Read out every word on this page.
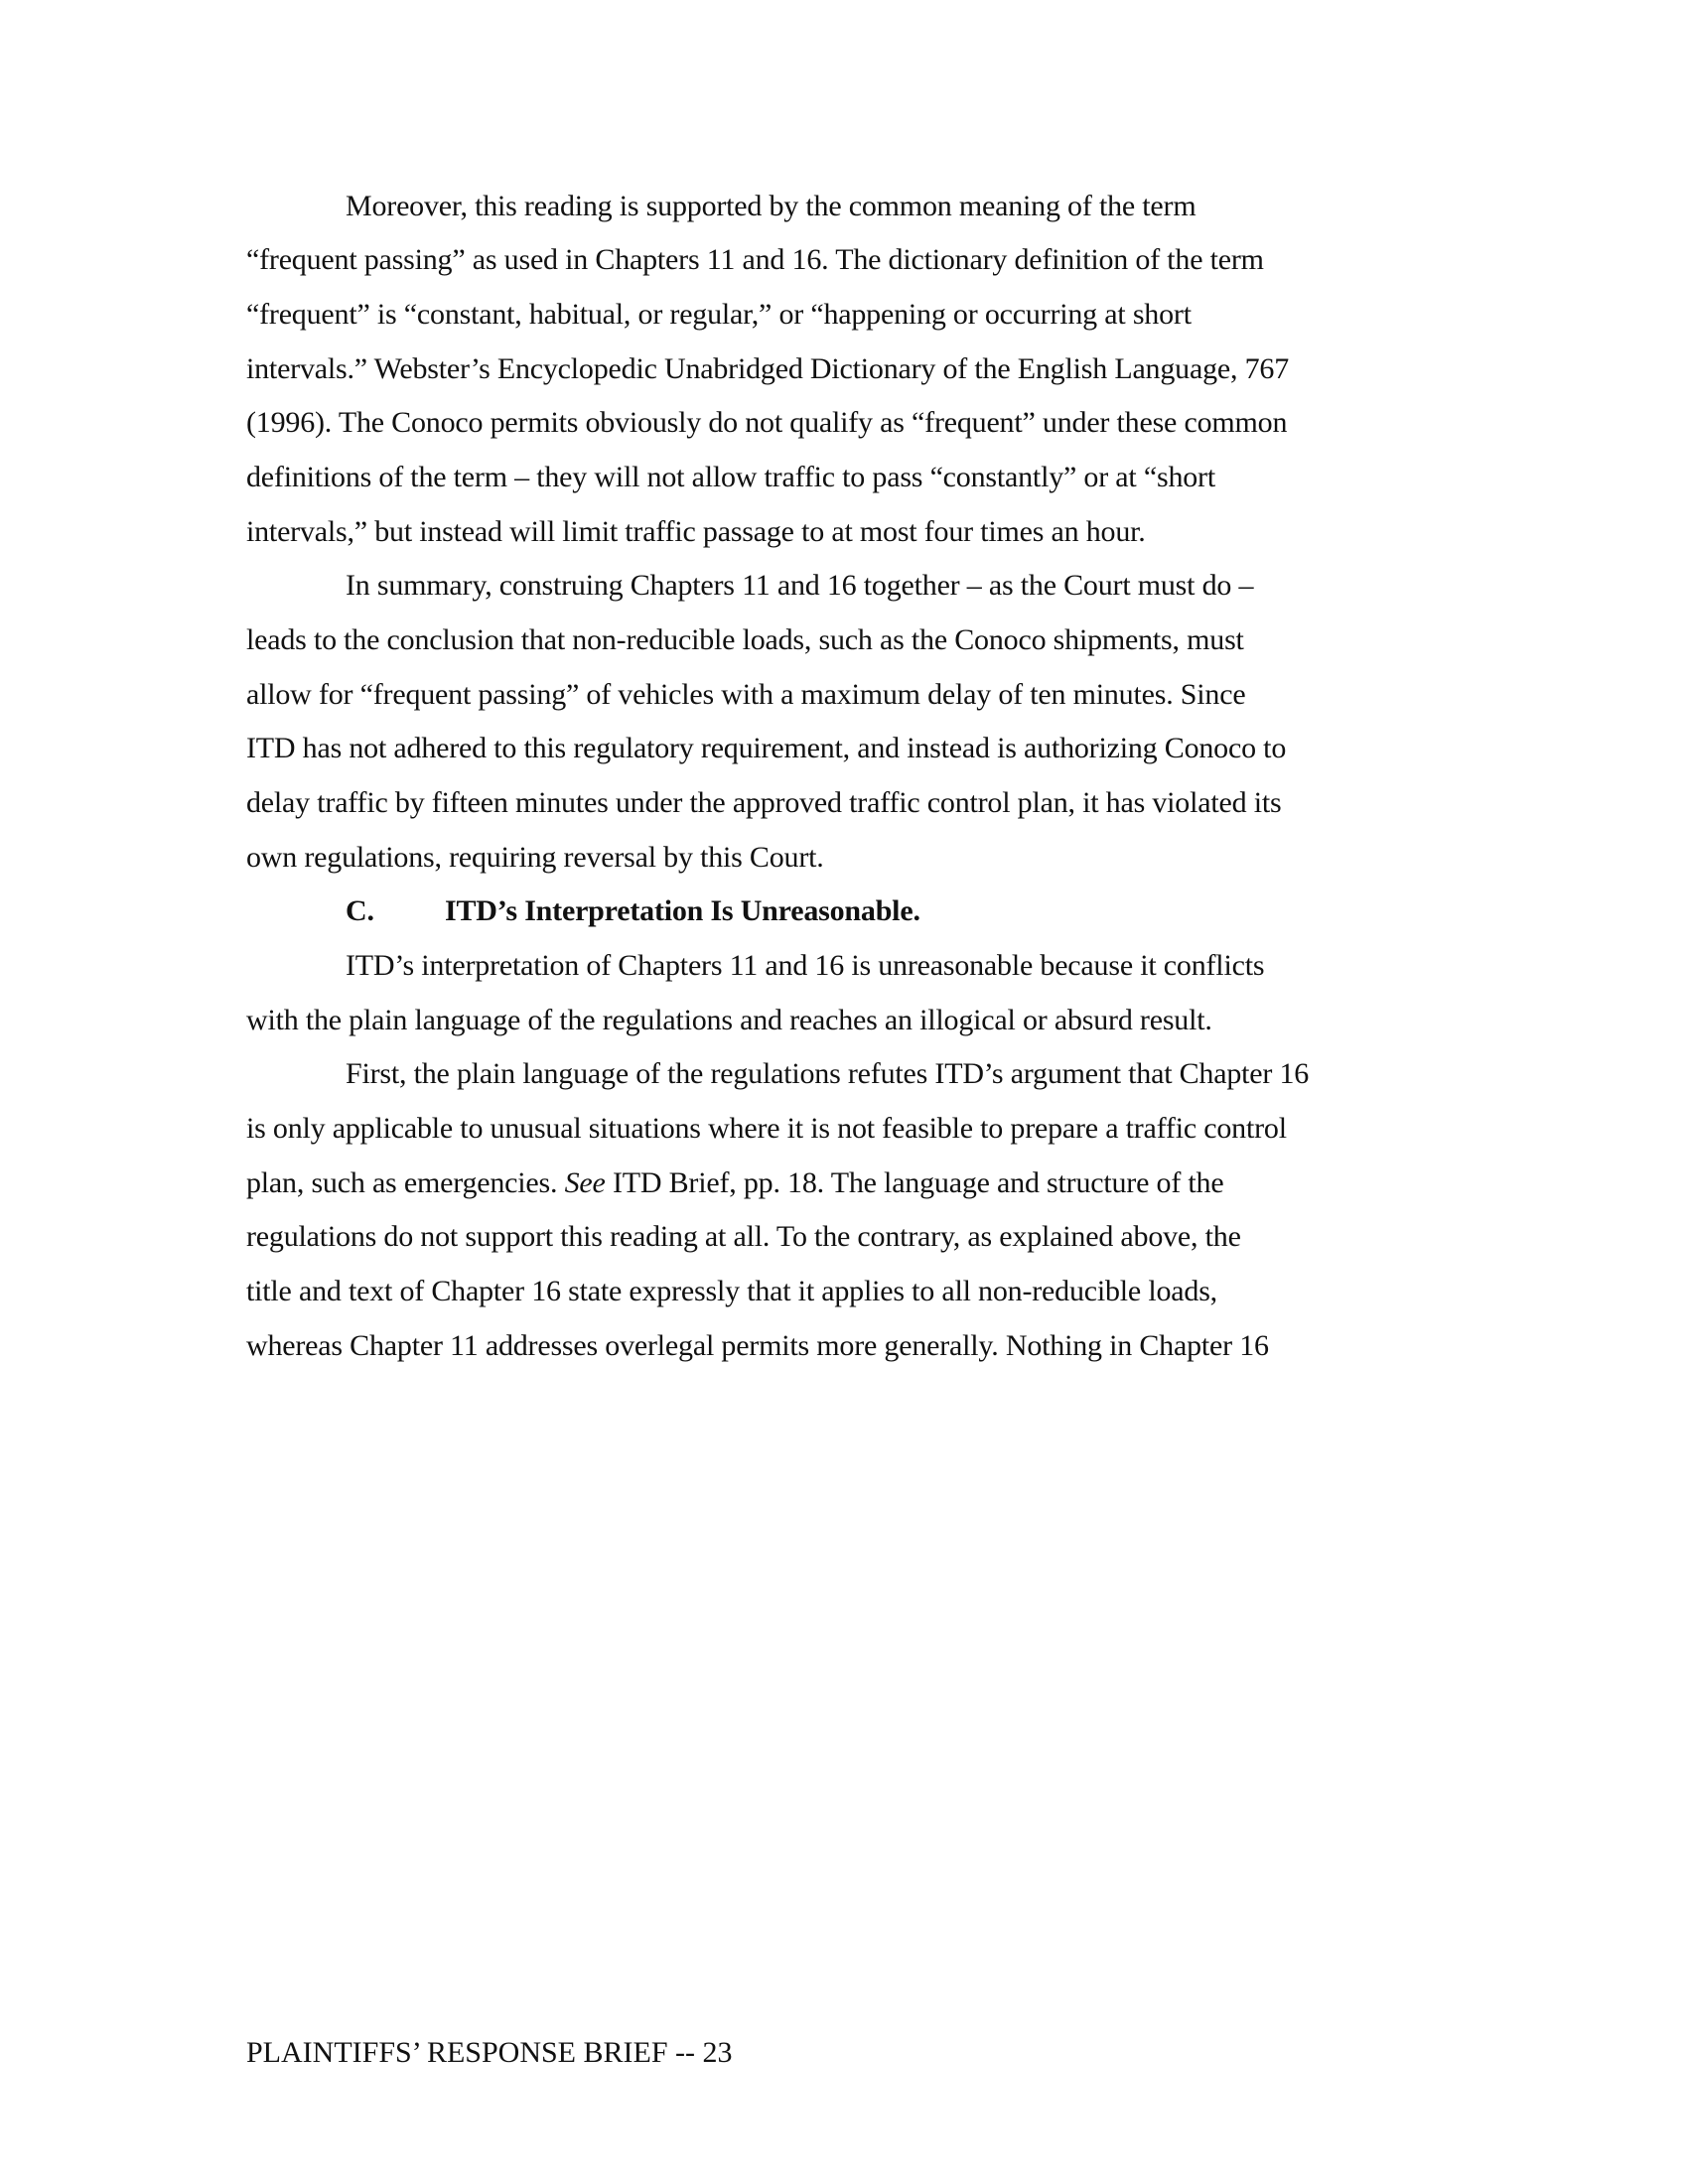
Moreover, this reading is supported by the common meaning of the term
“frequent passing” as used in Chapters 11 and 16. The dictionary definition of the term
“frequent” is “constant, habitual, or regular,” or “happening or occurring at short
intervals.” Webster’s Encyclopedic Unabridged Dictionary of the English Language, 767
(1996). The Conoco permits obviously do not qualify as “frequent” under these common
definitions of the term – they will not allow traffic to pass “constantly” or at “short
intervals,” but instead will limit traffic passage to at most four times an hour.
In summary, construing Chapters 11 and 16 together – as the Court must do –
leads to the conclusion that non-reducible loads, such as the Conoco shipments, must
allow for “frequent passing” of vehicles with a maximum delay of ten minutes. Since
ITD has not adhered to this regulatory requirement, and instead is authorizing Conoco to
delay traffic by fifteen minutes under the approved traffic control plan, it has violated its
own regulations, requiring reversal by this Court.
C. ITD’s Interpretation Is Unreasonable.
ITD’s interpretation of Chapters 11 and 16 is unreasonable because it conflicts
with the plain language of the regulations and reaches an illogical or absurd result.
First, the plain language of the regulations refutes ITD’s argument that Chapter 16
is only applicable to unusual situations where it is not feasible to prepare a traffic control
plan, such as emergencies. See ITD Brief, pp. 18. The language and structure of the
regulations do not support this reading at all. To the contrary, as explained above, the
title and text of Chapter 16 state expressly that it applies to all non-reducible loads,
whereas Chapter 11 addresses overlegal permits more generally. Nothing in Chapter 16
PLAINTIFFS’ RESPONSE BRIEF -- 23
